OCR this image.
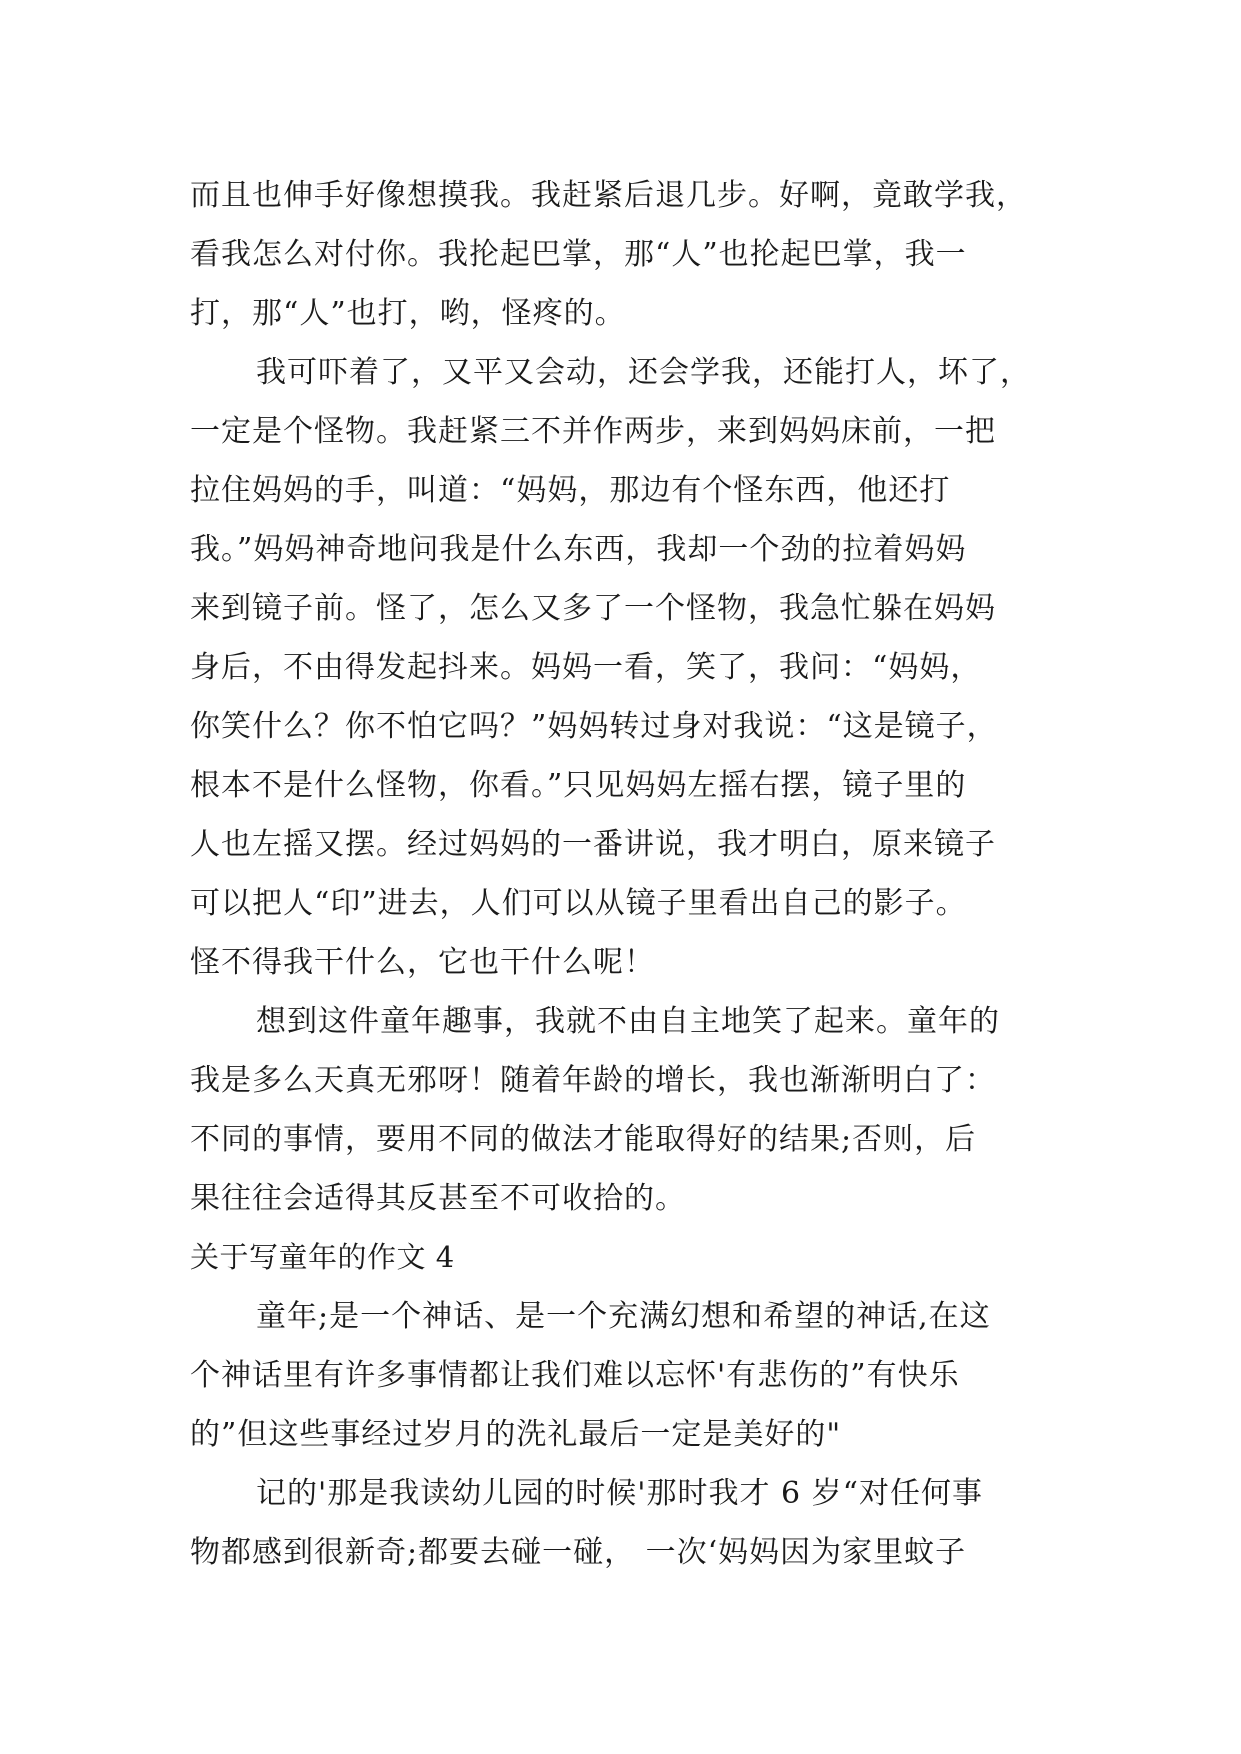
而且也伸手好像想摸我。我赶紧后退几步。好啊，竟敢学我，
看我怎么对付你。我抡起巴掌，那“人”也抡起巴掌，我一
打，那“人”也打，哟，怪疼的。
我可吓着了，又平又会动，还会学我，还能打人，坏了，
一定是个怪物。我赶紧三不并作两步，来到妈妈床前，一把
拉住妈妈的手，叫道：“妈妈，那边有个怪东西，他还打
我。”妈妈神奇地问我是什么东西，我却一个劲的拉着妈妈
来到镜子前。怪了，怎么又多了一个怪物，我急忙躲在妈妈
身后，不由得发起抖来。妈妈一看，笑了，我问：“妈妈，
你笑什么？你不怕它吗？”妈妈转过身对我说：“这是镜子，
根本不是什么怪物，你看。”只见妈妈左摇右摆，镜子里的
人也左摇又摆。经过妈妈的一番讲说，我才明白，原来镜子
可以把人“印”进去，人们可以从镜子里看出自己的影子。
怪不得我干什么，它也干什么呢！
想到这件童年趣事，我就不由自主地笑了起来。童年的
我是多么天真无邪呀！随着年龄的增长，我也渐渐明白了：
不同的事情，要用不同的做法才能取得好的结果;否则，后
果往往会适得其反甚至不可收拾的。
关于写童年的作文 4
童年;是一个神话、是一个充满幻想和希望的神话,在这
个神话里有许多事情都让我们难以忘怀'有悲伤的”有快乐
的”但这些事经过岁月的洗礼最后一定是美好的"
记的'那是我读幼儿园的时候'那时我才 6 岁“对任何事
物都感到很新奇;都要去碰一碰， 一次‘妈妈因为家里蚊子
